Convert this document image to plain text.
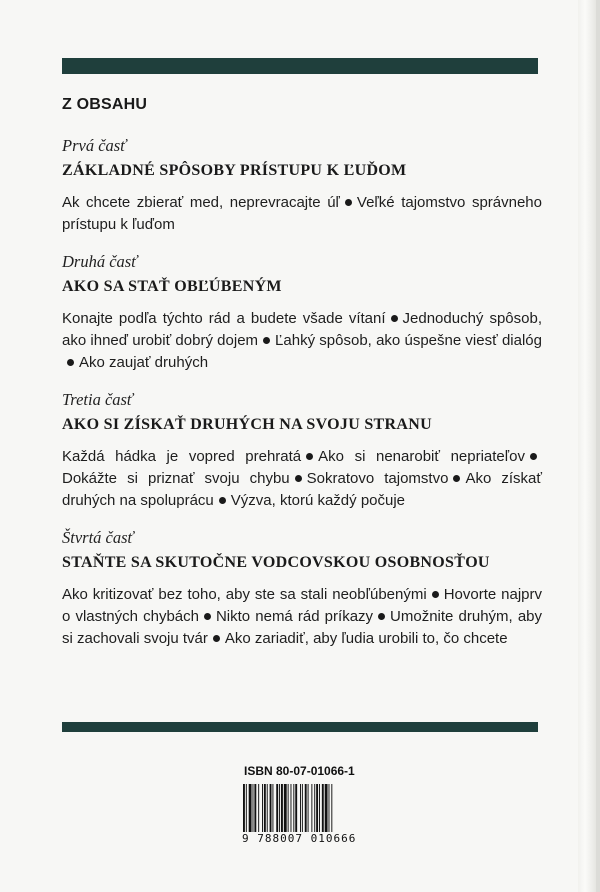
Z OBSAHU
Prvá časť
ZÁKLADNÉ SPÔSOBY PRÍSTUPU K ĽUĎOM
Ak chcete zbierať med, neprevracajte úľ Veľké tajomstvo správneho prístupu k ľuďom
Druhá časť
AKO SA STAŤ OBĽÚBENÝM
Konajte podľa týchto rád a budete všade vítaní Jednoduchý spôsob, ako ihneď urobiť dobrý dojem Ľahký spôsob, ako úspešne viesť dialógAko zaujať druhých
Tretia časť
AKO SI ZÍSKAŤ DRUHÝCH NA SVOJU STRANU
Každá hádka je vopred prehratá Ako si nenarobiť nepriateľovDokážte si priznať svoju chybu Sokratovo tajomstvo Ako získať druhých na spoluprácu Výzva, ktorú každý počuje
Štvrtá časť
STAŇTE SA SKUTOČNE VODCOVSKOU OSOBNOSŤOU
Ako kritizovať bez toho, aby ste sa stali neobľúbenými Hovorte najprv o vlastných chybách Nikto nemá rád príkazy Umožnite druhým, aby si zachovali svoju tvár Ako zariadiť, aby ľudia urobili to, čo chcete
ISBN 80-07-01066-1
9 788007 010666
